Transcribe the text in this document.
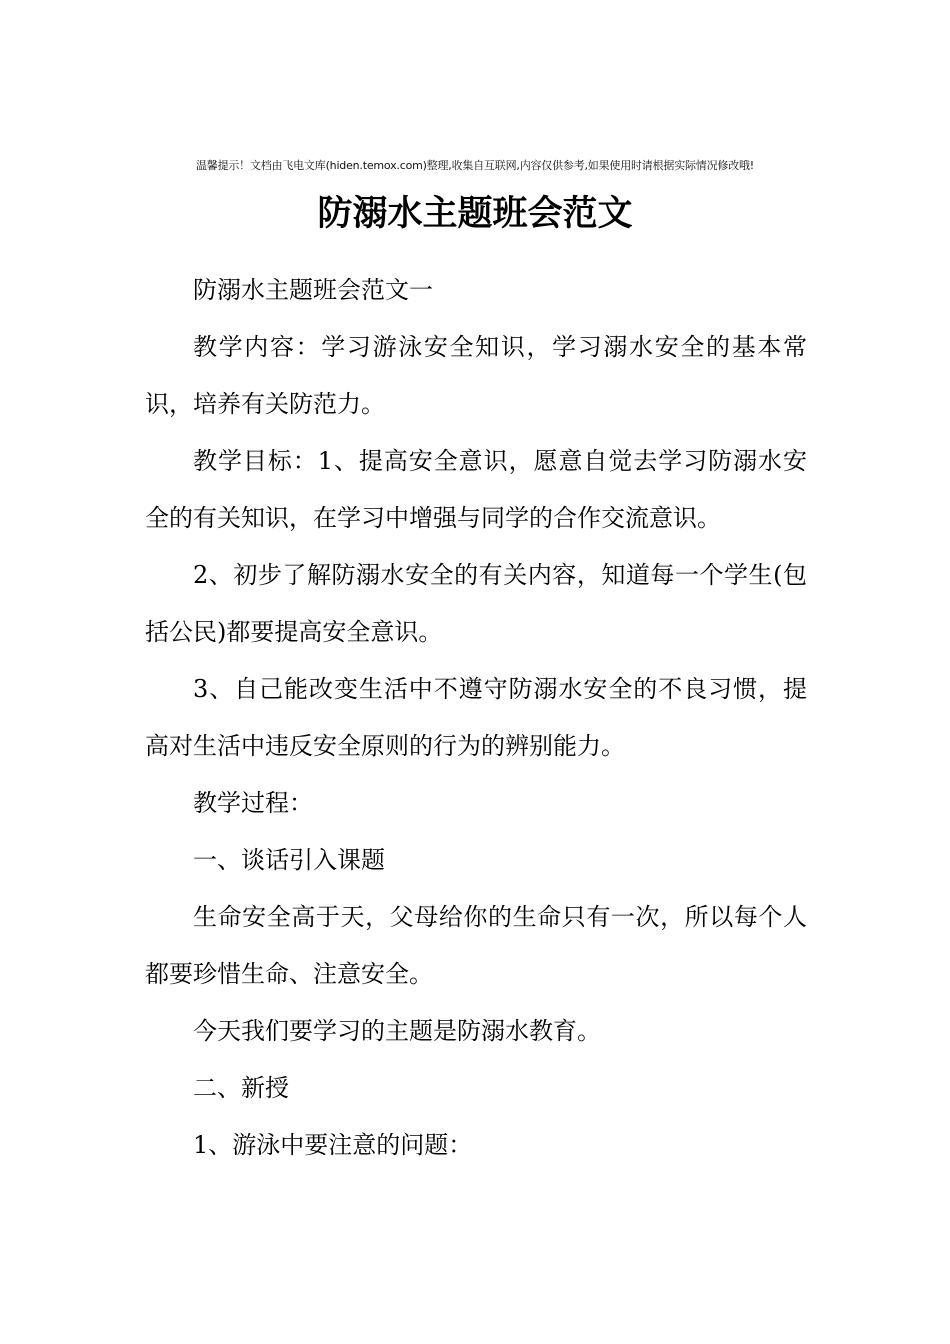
温馨提示！文档由飞电文库(hiden.temox.com)整理,收集自互联网,内容仅供参考,如果使用时请根据实际情况修改哦!
防溺水主题班会范文

防溺水主题班会范文一

教学内容：学习游泳安全知识，学习溺水安全的基本常识，培养有关防范力。

教学目标：1、提高安全意识，愿意自觉去学习防溺水安全的有关知识，在学习中增强与同学的合作交流意识。

2、初步了解防溺水安全的有关内容，知道每一个学生(包括公民)都要提高安全意识。

3、自己能改变生活中不遵守防溺水安全的不良习惯，提高对生活中违反安全原则的行为的辨别能力。

教学过程：

一、谈话引入课题

生命安全高于天，父母给你的生命只有一次，所以每个人都要珍惜生命、注意安全。

今天我们要学习的主题是防溺水教育。

二、新授

1、游泳中要注意的问题：
